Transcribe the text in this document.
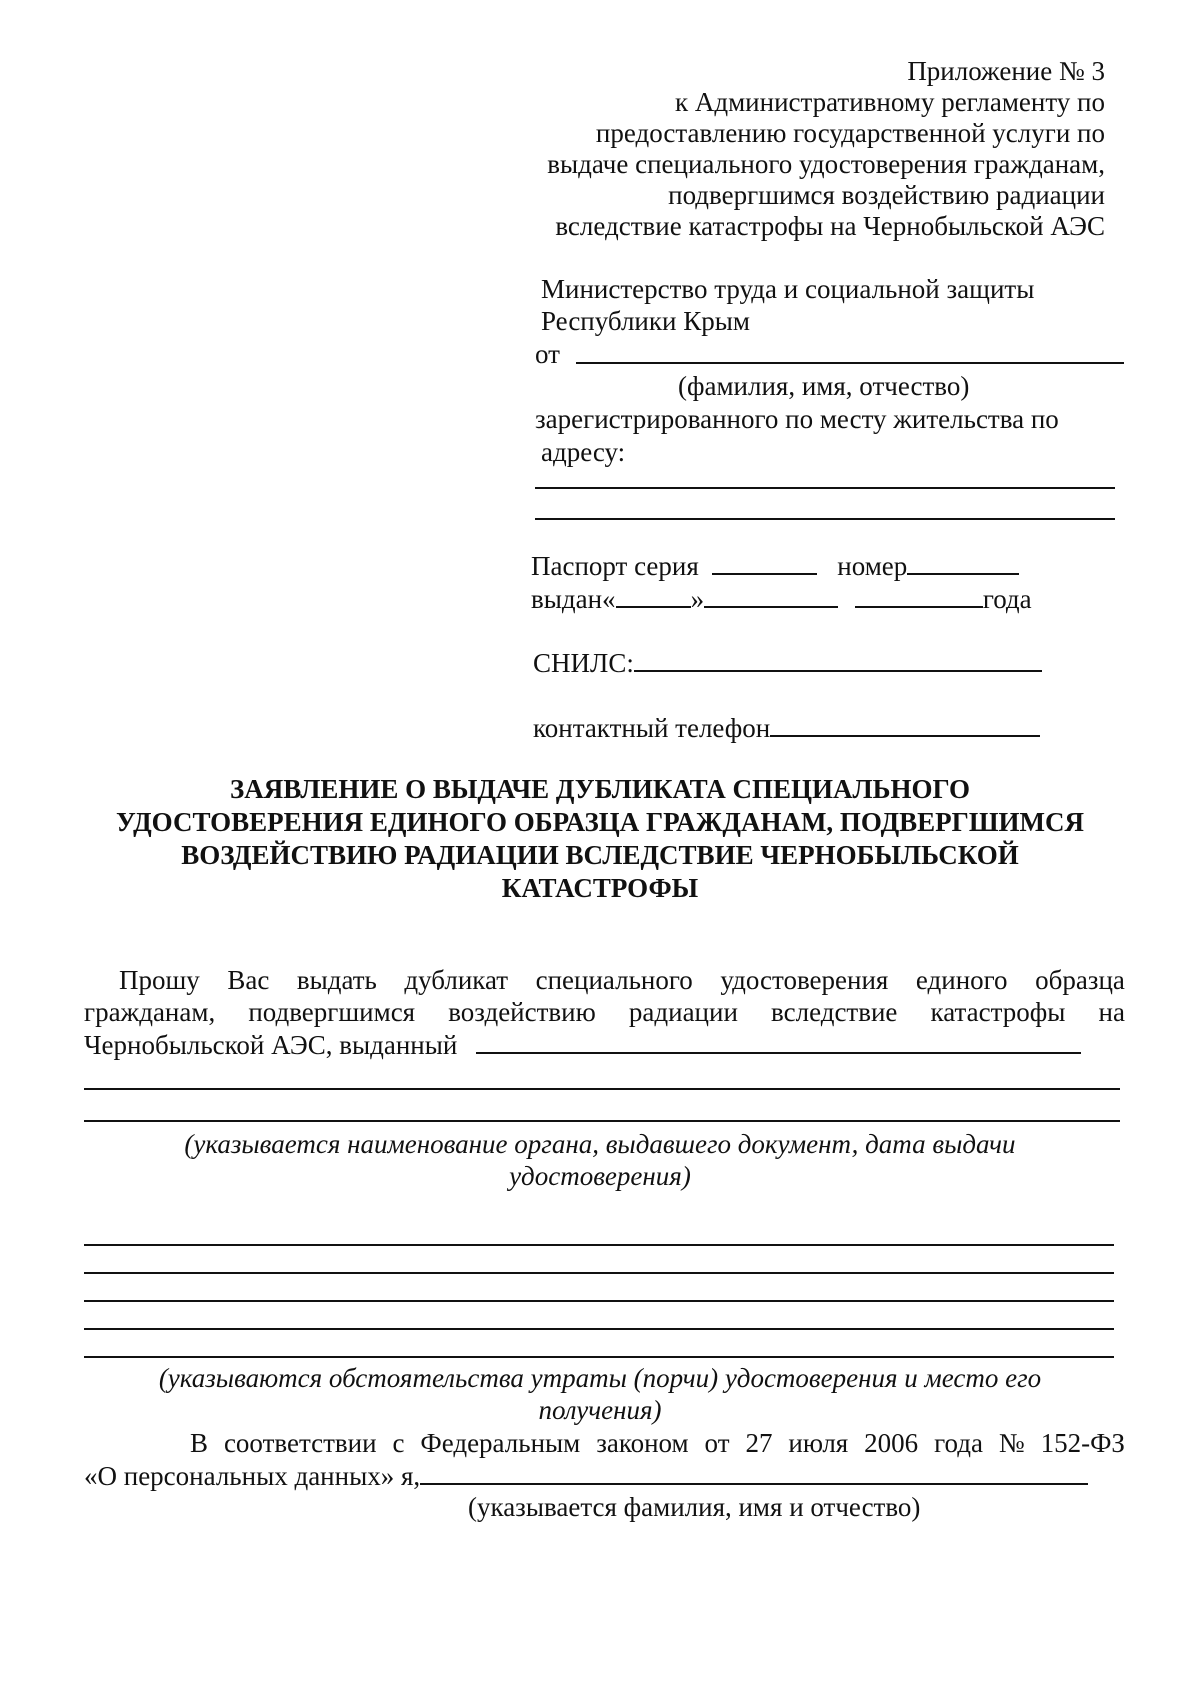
Приложение № 3
к Административному регламенту по
предоставлению государственной услуги по
выдаче специального удостоверения гражданам,
подвергшимся воздействию радиации
вследствие катастрофы на Чернобыльской АЭС
Министерство труда и социальной защиты
Республики Крым
от
(фамилия, имя, отчество)
зарегистрированного по месту жительства по
адресу:
Паспорт серия	номер
выдан«	»	года
СНИЛС:
контактный телефон
ЗАЯВЛЕНИЕ О ВЫДАЧЕ ДУБЛИКАТА СПЕЦИАЛЬНОГО
УДОСТОВЕРЕНИЯ ЕДИНОГО ОБРАЗЦА ГРАЖДАНАМ, ПОДВЕРГШИМСЯ
ВОЗДЕЙСТВИЮ РАДИАЦИИ ВСЛЕДСТВИЕ ЧЕРНОБЫЛЬСКОЙ
КАТАСТРОФЫ
Прошу Вас выдать дубликат специального удостоверения единого образца
гражданам, подвергшимся воздействию радиации вследствие катастрофы на
Чернобыльской АЭС, выданный
(указывается наименование органа, выдавшего документ, дата выдачи
удостоверения)
(указываются обстоятельства утраты (порчи) удостоверения и место его
получения)
В соответствии с Федеральным законом от 27 июля 2006 года № 152-ФЗ
«О персональных данных» я,
(указывается фамилия, имя и отчество)
